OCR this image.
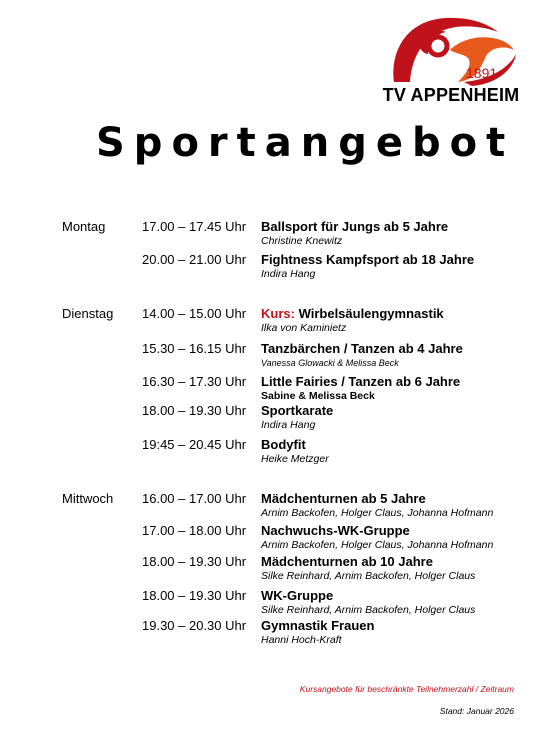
1891
TV APPENHEIM
Sportangebot
Montag	17.00 – 17.45 Uhr Ballsport für Jungs ab 5 Jahre
Christine Knewitz
20.00 – 21.00 Uhr Fightness Kampfsport ab 18 Jahre
Indira Hang
Dienstag 14.00 – 15.00 Uhr Kurs: Wirbelsäulengymnastik
Ilka von Kaminietz
15.30 – 16.15 Uhr Tanzbärchen / Tanzen ab 4 Jahre
Vanessa Glowacki & Melissa Beck
16.30 – 17.30 Uhr Little Fairies / Tanzen ab 6 Jahre
Sabine & Melissa Beck
18.00 – 19.30 Uhr Sportkarate
Indira Hang
19:45 – 20.45 Uhr Bodyfit
Heike Metzger
Mittwoch 16.00 – 17.00 Uhr Mädchenturnen ab 5 Jahre
Arnim Backofen, Holger Claus, Johanna Hofmann
17.00 – 18.00 Uhr Nachwuchs-WK-Gruppe
Arnim Backofen, Holger Claus, Johanna Hofmann
18.00 – 19.30 Uhr Mädchenturnen ab 10 Jahre
Silke Reinhard, Arnim Backofen, Holger Claus
18.00 – 19.30 Uhr WK-Gruppe
Silke Reinhard, Arnim Backofen, Holger Claus
19.30 – 20.30 Uhr Gymnastik Frauen
Hanni Hoch-Kraft
Kursangebote für beschränkte Teilnehmerzahl / Zeitraum
Stand: Januar 2026
